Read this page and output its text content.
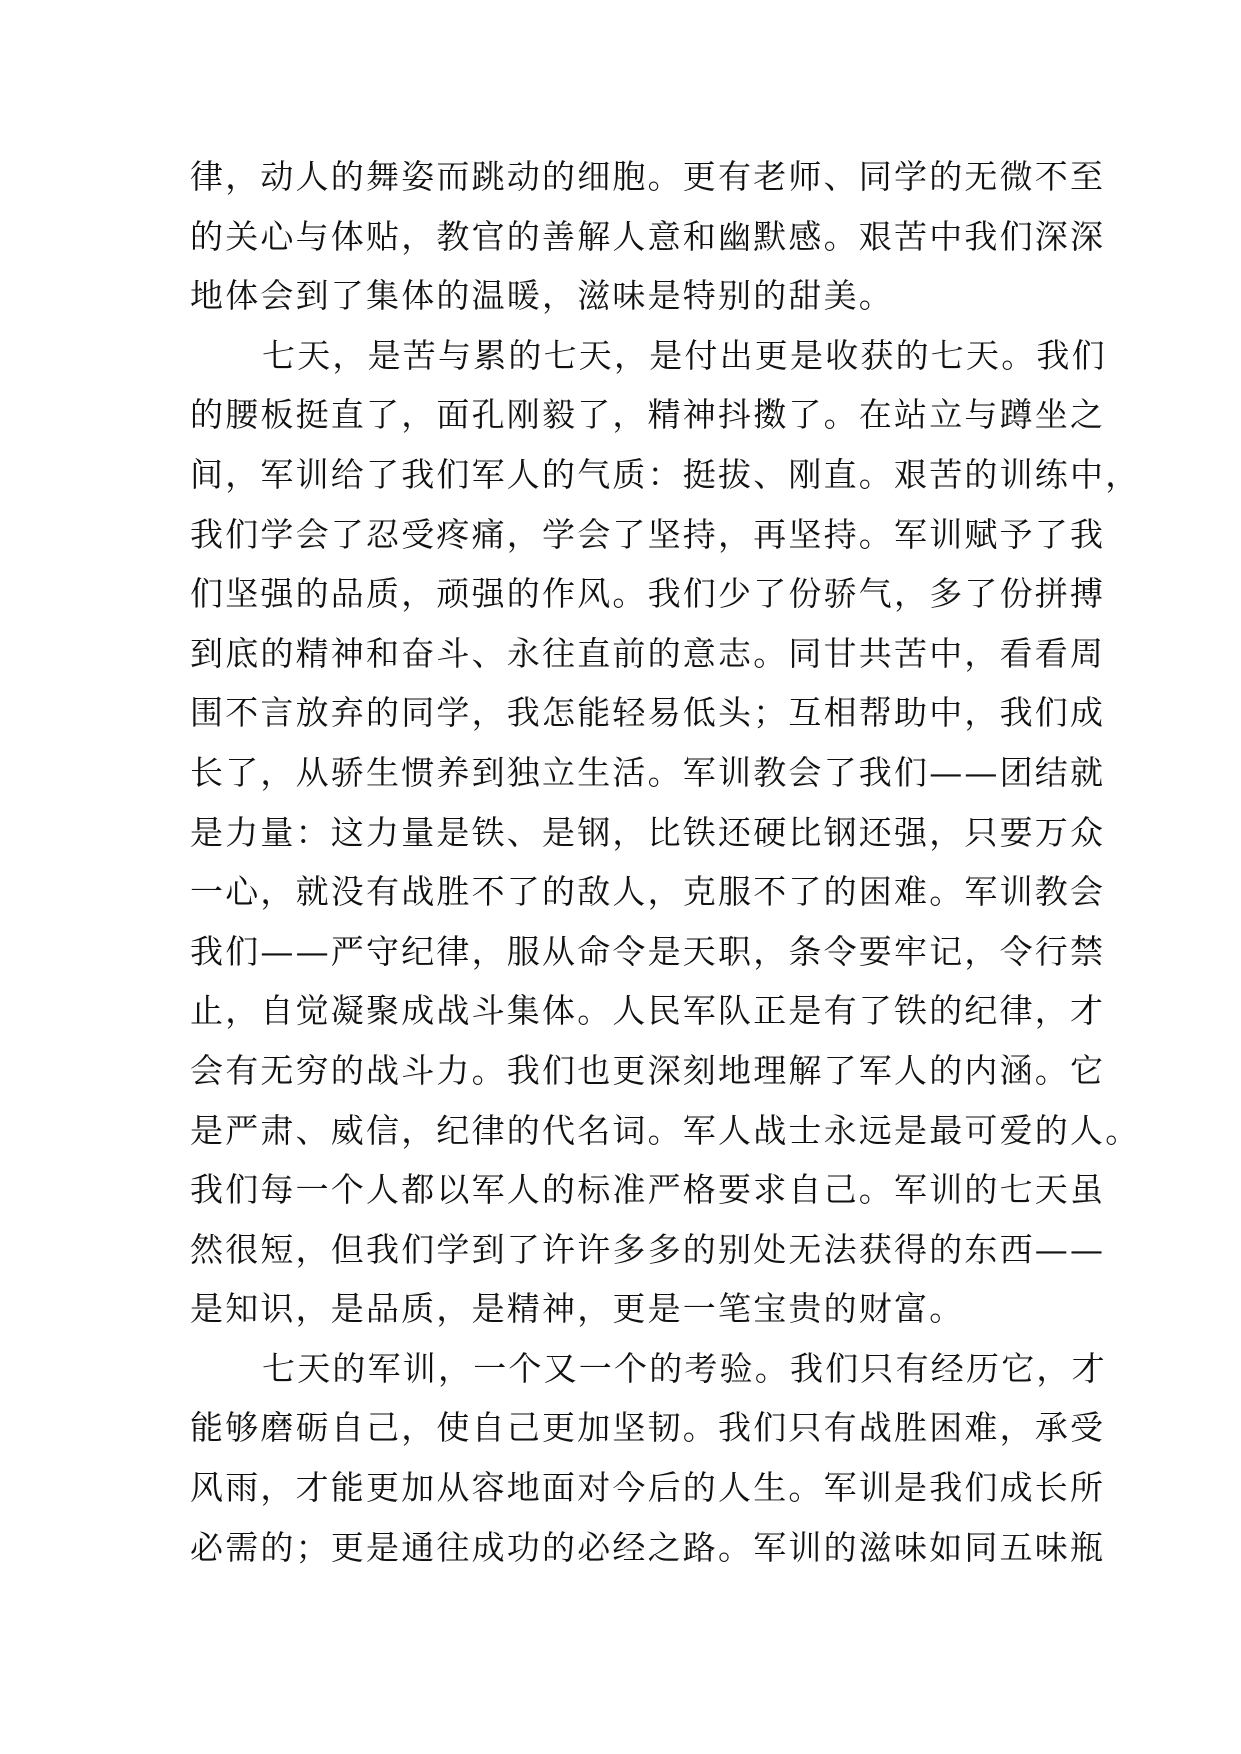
律，动人的舞姿而跳动的细胞。更有老师、同学的无微不至
的关心与体贴，教官的善解人意和幽默感。艰苦中我们深深
地体会到了集体的温暖，滋味是特别的甜美。
七天，是苦与累的七天，是付出更是收获的七天。我们
的腰板挺直了，面孔刚毅了，精神抖擞了。在站立与蹲坐之
间，军训给了我们军人的气质：挺拔、刚直。艰苦的训练中，
我们学会了忍受疼痛，学会了坚持，再坚持。军训赋予了我
们坚强的品质，顽强的作风。我们少了份骄气，多了份拼搏
到底的精神和奋斗、永往直前的意志。同甘共苦中，看看周
围不言放弃的同学，我怎能轻易低头；互相帮助中，我们成
长了，从骄生惯养到独立生活。军训教会了我们——团结就
是力量：这力量是铁、是钢，比铁还硬比钢还强，只要万众
一心，就没有战胜不了的敌人，克服不了的困难。军训教会
我们——严守纪律，服从命令是天职，条令要牢记，令行禁
止，自觉凝聚成战斗集体。人民军队正是有了铁的纪律，才
会有无穷的战斗力。我们也更深刻地理解了军人的内涵。它
是严肃、威信，纪律的代名词。军人战士永远是最可爱的人。
我们每一个人都以军人的标准严格要求自己。军训的七天虽
然很短，但我们学到了许许多多的别处无法获得的东西——
是知识，是品质，是精神，更是一笔宝贵的财富。
七天的军训，一个又一个的考验。我们只有经历它，才
能够磨砺自己，使自己更加坚韧。我们只有战胜困难，承受
风雨，才能更加从容地面对今后的人生。军训是我们成长所
必需的；更是通往成功的必经之路。军训的滋味如同五味瓶
